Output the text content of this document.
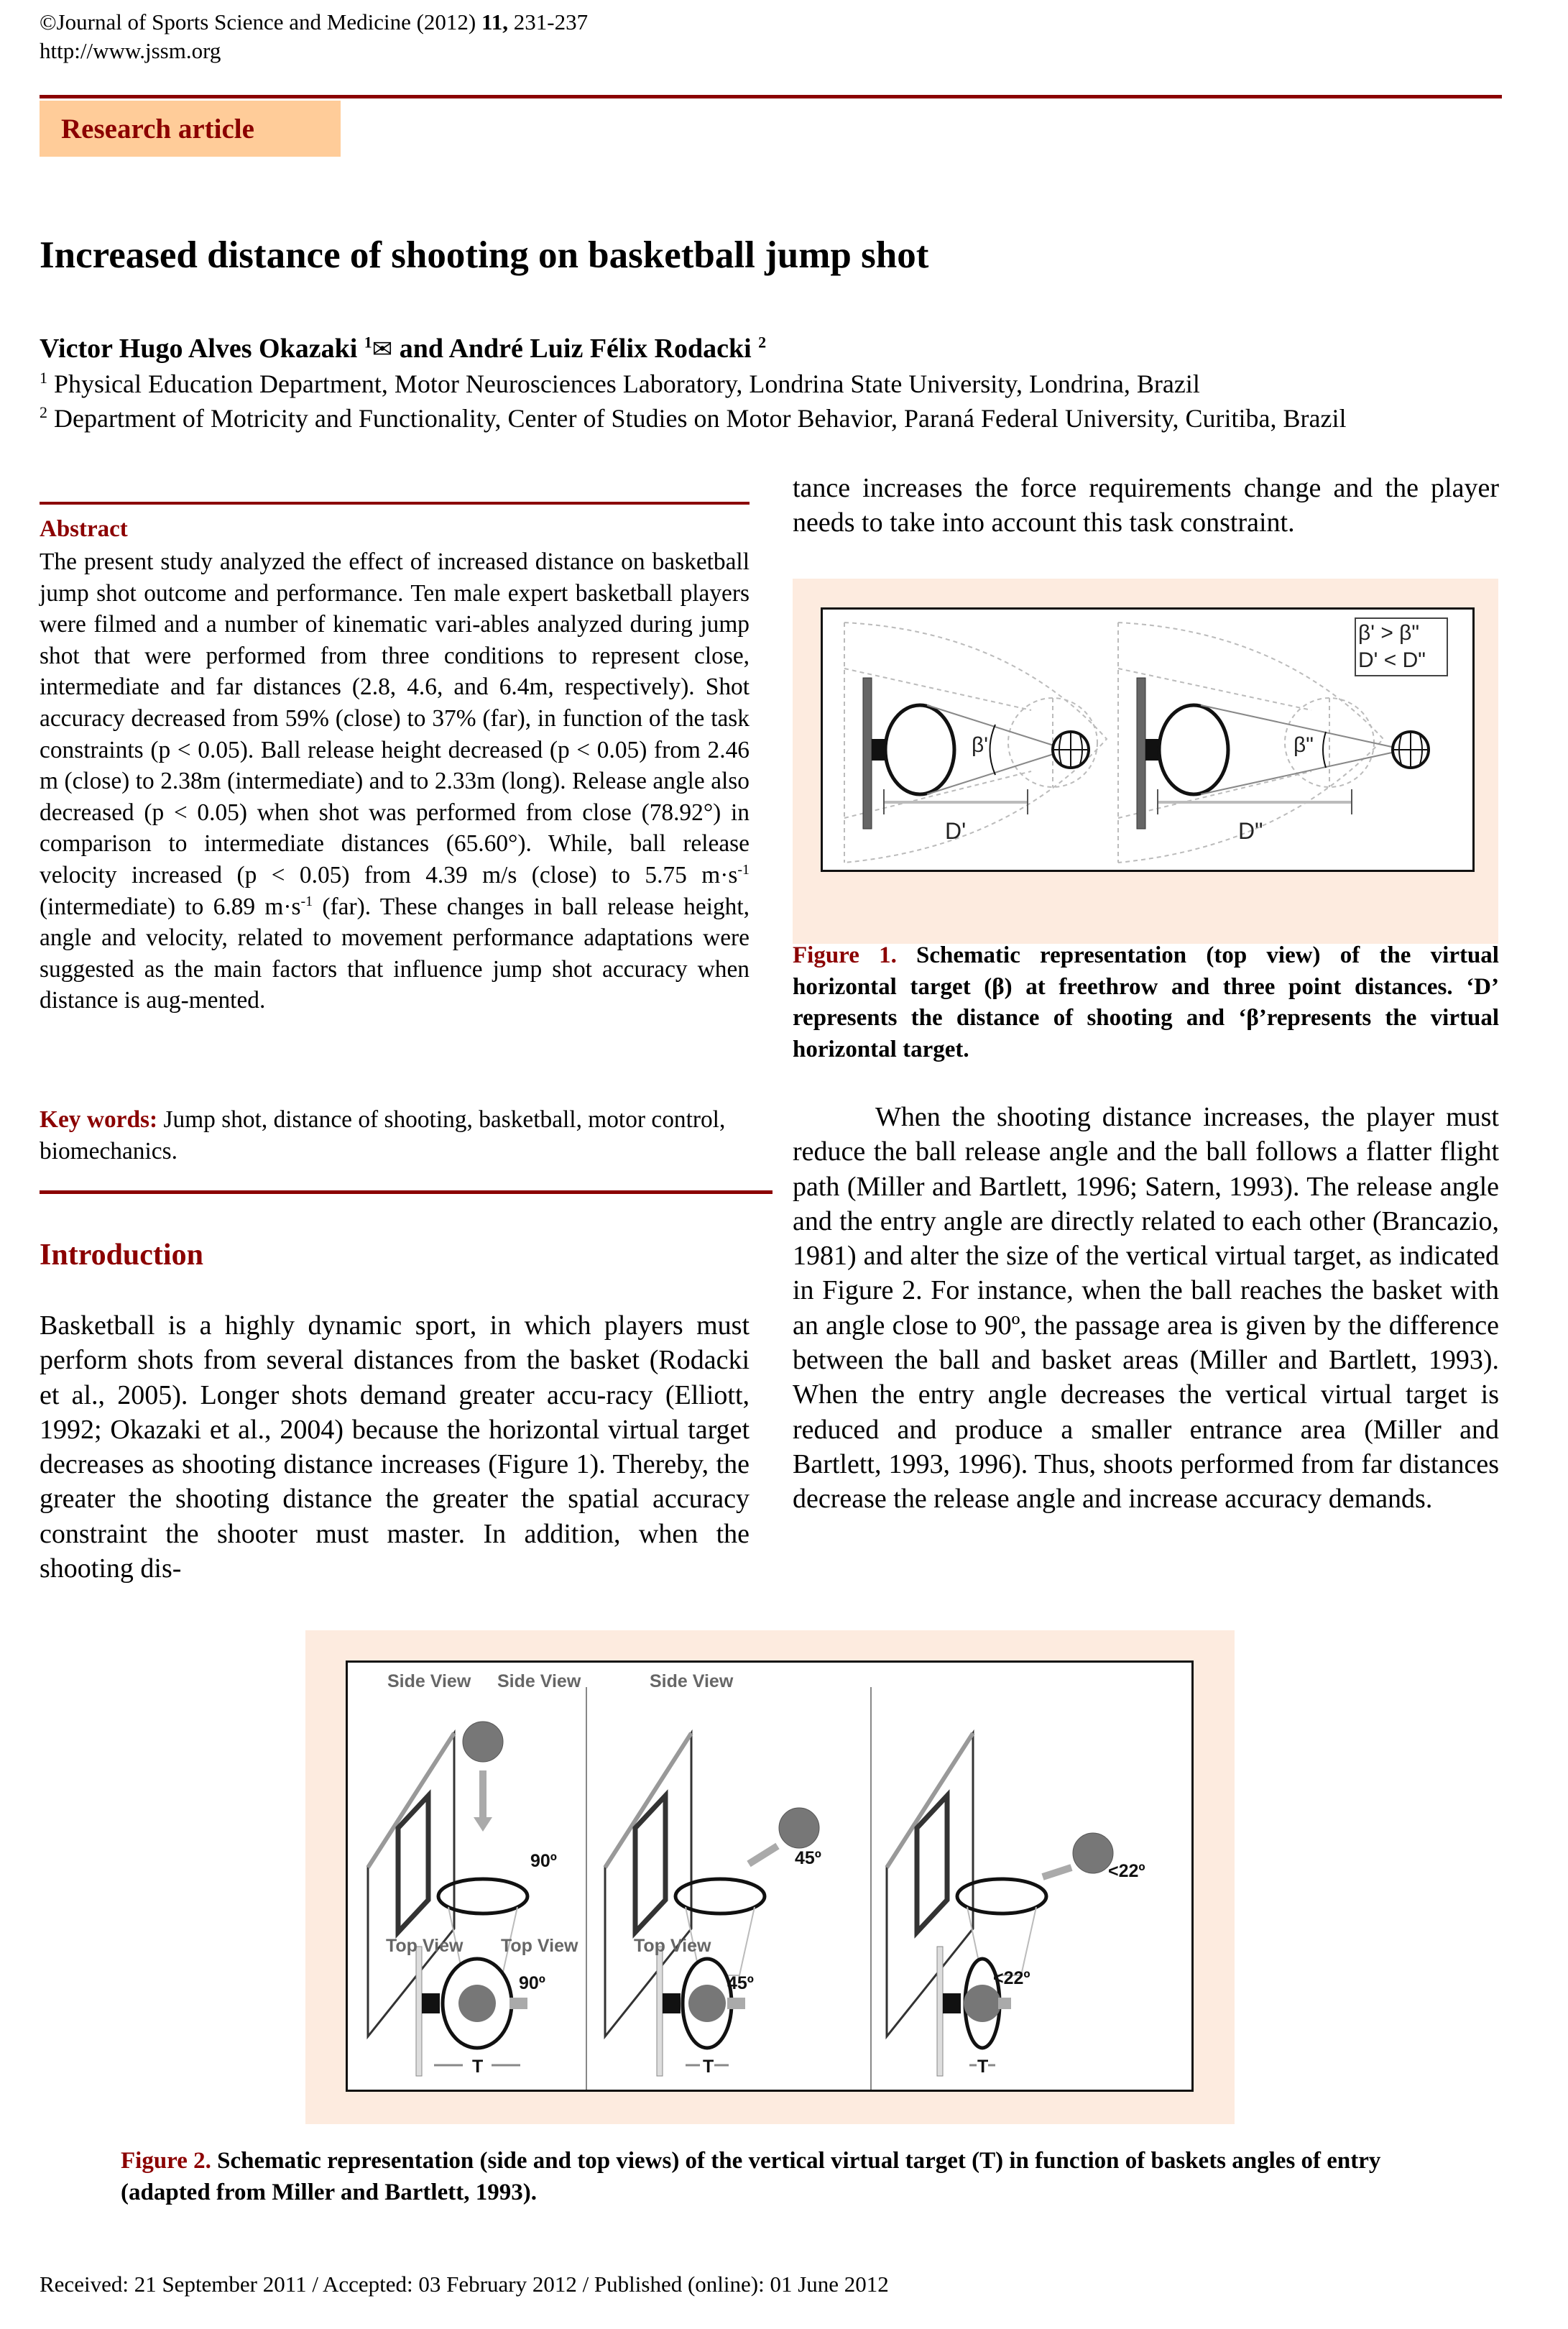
©Journal of Sports Science and Medicine (2012) 11, 231-237
http://www.jssm.org
Research article
Increased distance of shooting on basketball jump shot
Victor Hugo Alves Okazaki $^1$✉ and André Luiz Félix Rodacki $^2$
$^1$ Physical Education Department, Motor Neurosciences Laboratory, Londrina State University, Londrina, Brazil
$^2$ Department of Motricity and Functionality, Center of Studies on Motor Behavior, Paraná Federal University, Curitiba, Brazil
Abstract
The present study analyzed the effect of increased distance on basketball jump shot outcome and performance. Ten male expert basketball players were filmed and a number of kinematic vari-ables analyzed during jump shot that were performed from three conditions to represent close, intermediate and far distances (2.8, 4.6, and 6.4m, respectively). Shot accuracy decreased from 59% (close) to 37% (far), in function of the task constraints (p < 0.05). Ball release height decreased (p < 0.05) from 2.46 m (close) to 2.38m (intermediate) and to 2.33m (long). Release angle also decreased (p < 0.05) when shot was performed from close (78.92°) in comparison to intermediate distances (65.60°). While, ball release velocity increased (p < 0.05) from 4.39 m/s (close) to 5.75 $m\cdot s^{-1}$ (intermediate) to 6.89 $m\cdot s^{-1}$ (far). These changes in ball release height, angle and velocity, related to movement performance adaptations were suggested as the main factors that influence jump shot accuracy when distance is aug-mented.
Key words: Jump shot, distance of shooting, basketball, motor control, biomechanics.
Introduction
Basketball is a highly dynamic sport, in which players must perform shots from several distances from the basket (Rodacki et al., 2005). Longer shots demand greater accu-racy (Elliott, 1992; Okazaki et al., 2004) because the horizontal virtual target decreases as shooting distance increases (Figure 1). Thereby, the greater the shooting distance the greater the spatial accuracy constraint the shooter must master. In addition, when the shooting dis-
tance increases the force requirements change and the player needs to take into account this task constraint.
β' > β"
D' < D"
β'	β"
D'	D"
Figure 1. Schematic representation (top view) of the virtual horizontal target (β) at freethrow and three point distances. ‘D’ represents the distance of shooting and ‘β’represents the virtual horizontal target.
When the shooting distance increases, the player must reduce the ball release angle and the ball follows a flatter flight path (Miller and Bartlett, 1996; Satern, 1993). The release angle and the entry angle are directly related to each other (Brancazio, 1981) and alter the size of the vertical virtual target, as indicated in Figure 2. For instance, when the ball reaches the basket with an angle close to 90º, the passage area is given by the difference between the ball and basket areas (Miller and Bartlett, 1993). When the entry angle decreases the vertical virtual target is reduced and produce a smaller entrance area (Miller and Bartlett, 1993, 1996). Thus, shoots performed from far distances decrease the release angle and increase accuracy demands.
Side View Side View	Side View
Top View Top View	Top View
90º	45º
<22º
90º	45º	<22º
T	T	T
Figure 2. Schematic representation (side and top views) of the vertical virtual target (T) in function of baskets angles of entry (adapted from Miller and Bartlett, 1993).
Received: 21 September 2011 / Accepted: 03 February 2012 / Published (online): 01 June 2012
